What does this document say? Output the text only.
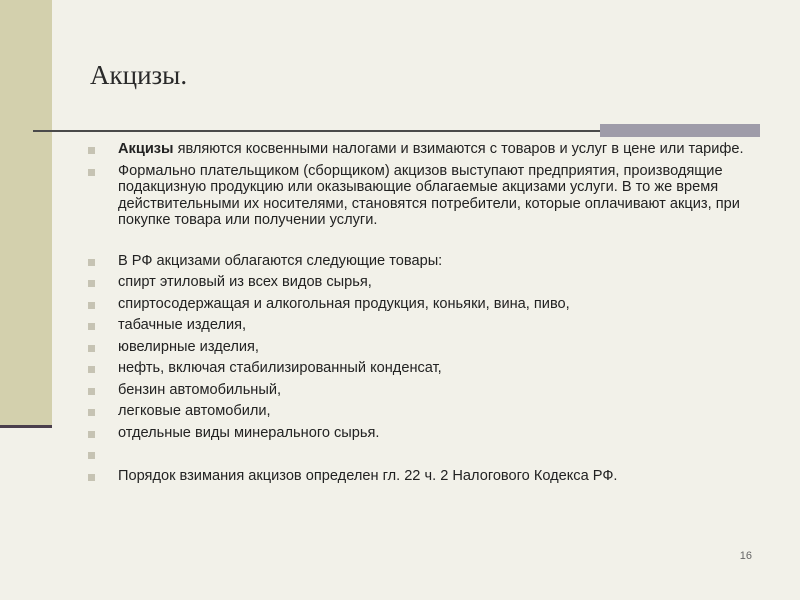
Акцизы.
Акцизы являются косвенными налогами и взимаются с товаров и услуг в цене или тарифе.
Формально плательщиком (сборщиком) акцизов выступают предприятия, производящие подакцизную продукцию или оказывающие облагаемые акцизами услуги. В то же время действительными их носителями, становятся потребители, которые оплачивают акциз, при покупке товара или получении услуги.
В РФ акцизами облагаются следующие товары:
спирт этиловый из всех видов сырья,
спиртосодержащая и алкогольная продукция, коньяки, вина, пиво,
табачные изделия,
ювелирные изделия,
нефть, включая стабилизированный конденсат,
бензин автомобильный,
легковые автомобили,
отдельные виды минерального сырья.
Порядок взимания акцизов определен гл. 22 ч. 2 Налогового Кодекса РФ.
16
